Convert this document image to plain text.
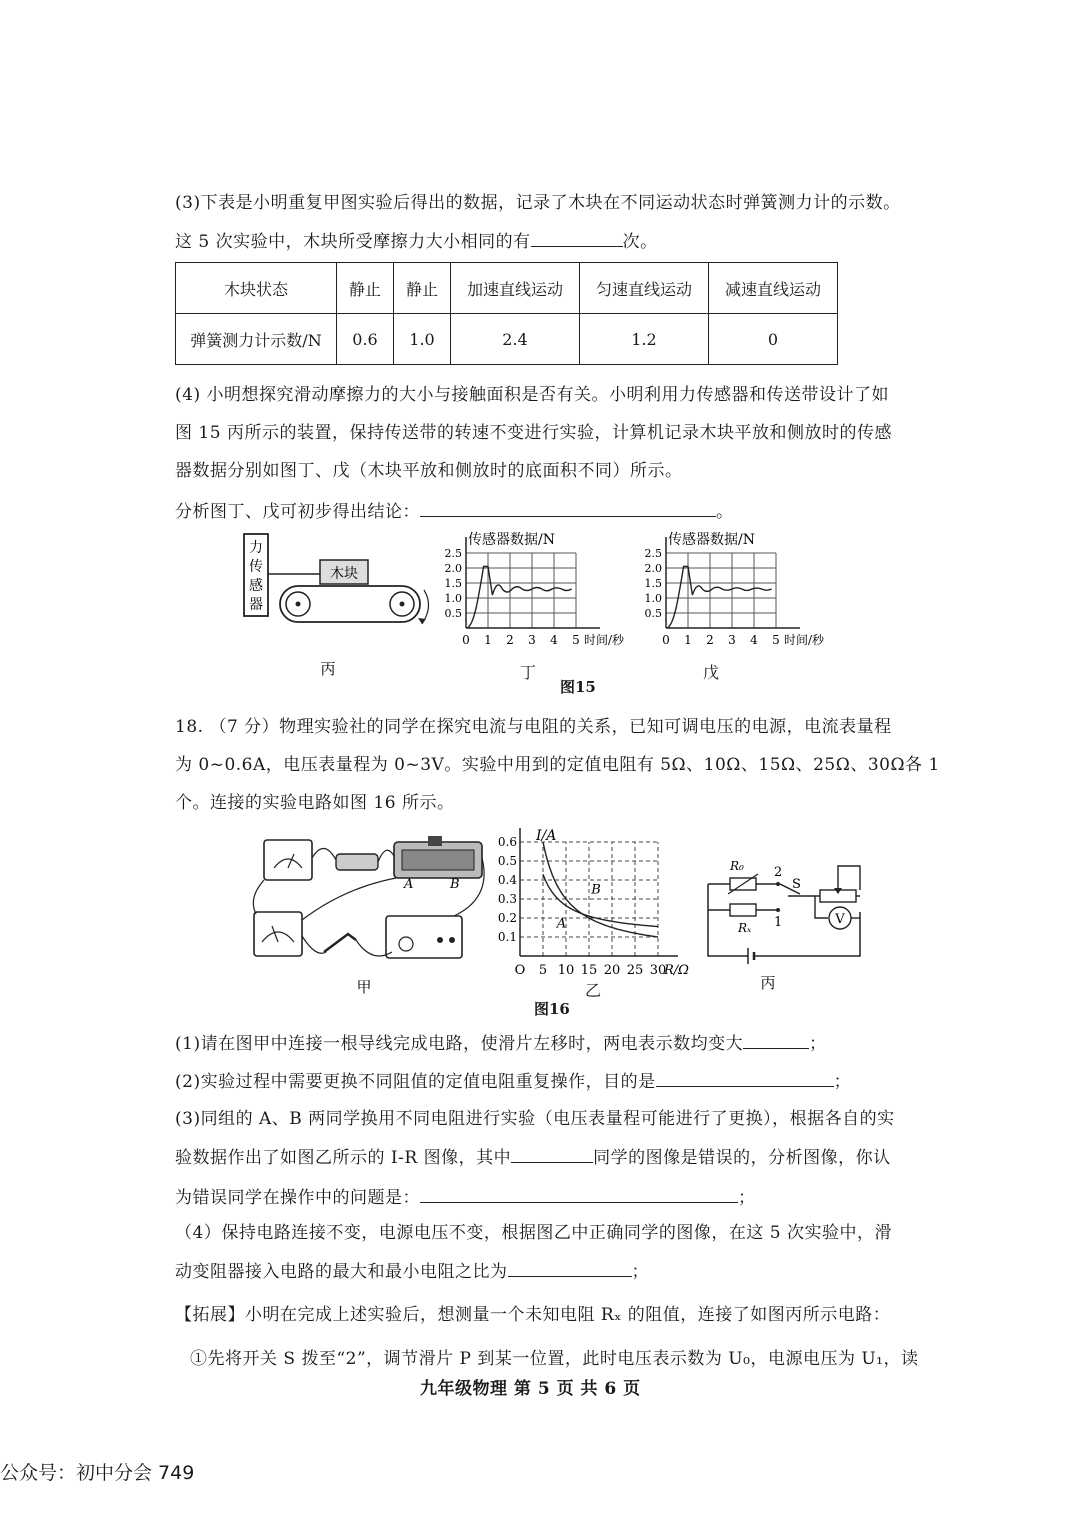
(3)下表是小明重复甲图实验后得出的数据，记录了木块在不同运动状态时弹簧测力计的示数。
这 5 次实验中，木块所受摩擦力大小相同的有	次。
木块状态	静止	静止	加速直线运动	匀速直线运动	减速直线运动
弹簧测力计示数/N	0.6	1.0	2.4	1.2	0
(4) 小明想探究滑动摩擦力的大小与接触面积是否有关。小明利用力传感器和传送带设计了如
图 15 丙所示的装置，保持传送带的转速不变进行实验，计算机记录木块平放和侧放时的传感
器数据分别如图丁、戊（木块平放和侧放时的底面积不同）所示。
分析图丁、戊可初步得出结论：	。
力
传
感
器
木块
丙
传感器数据/N
2.5
2.0
1.5
1.0
0.5
0 1 2 3 4 5 时间/秒
传感器数据/N
2.5
2.0
1.5
1.0
0.5
0 1 2 3 4 5 时间/秒
丁	戊
图15
18. （7 分）物理实验社的同学在探究电流与电阻的关系，已知可调电压的电源，电流表量程
为 0~0.6A，电压表量程为 0~3V。实验中用到的定值电阻有 5Ω、10Ω、15Ω、25Ω、30Ω各 1
个。连接的实验电路如图 16 所示。
A	B
甲
I/A
0.6
0.5
0.4
0.3
0.2
0.1
O 5 10 15 20 25 30
R/Ω
A
B
乙
图16
V
R₀
Rₓ
2
1
S
丙
(1)请在图甲中连接一根导线完成电路，使滑片左移时，两电表示数均变大	；
(2)实验过程中需要更换不同阻值的定值电阻重复操作，目的是	；
(3)同组的 A、B 两同学换用不同电阻进行实验（电压表量程可能进行了更换），根据各自的实
验数据作出了如图乙所示的 I-R 图像，其中	同学的图像是错误的，分析图像，你认
为错误同学在操作中的问题是：	；
（4）保持电路连接不变，电源电压不变，根据图乙中正确同学的图像，在这 5 次实验中，滑
动变阻器接入电路的最大和最小电阻之比为	；
【拓展】小明在完成上述实验后，想测量一个未知电阻 Rₓ 的阻值，连接了如图丙所示电路：
①先将开关 S 拨至“2”，调节滑片 P 到某一位置，此时电压表示数为 U₀，电源电压为 U₁，读
九年级物理 第 5 页 共 6 页
公众号：初中分会 749
